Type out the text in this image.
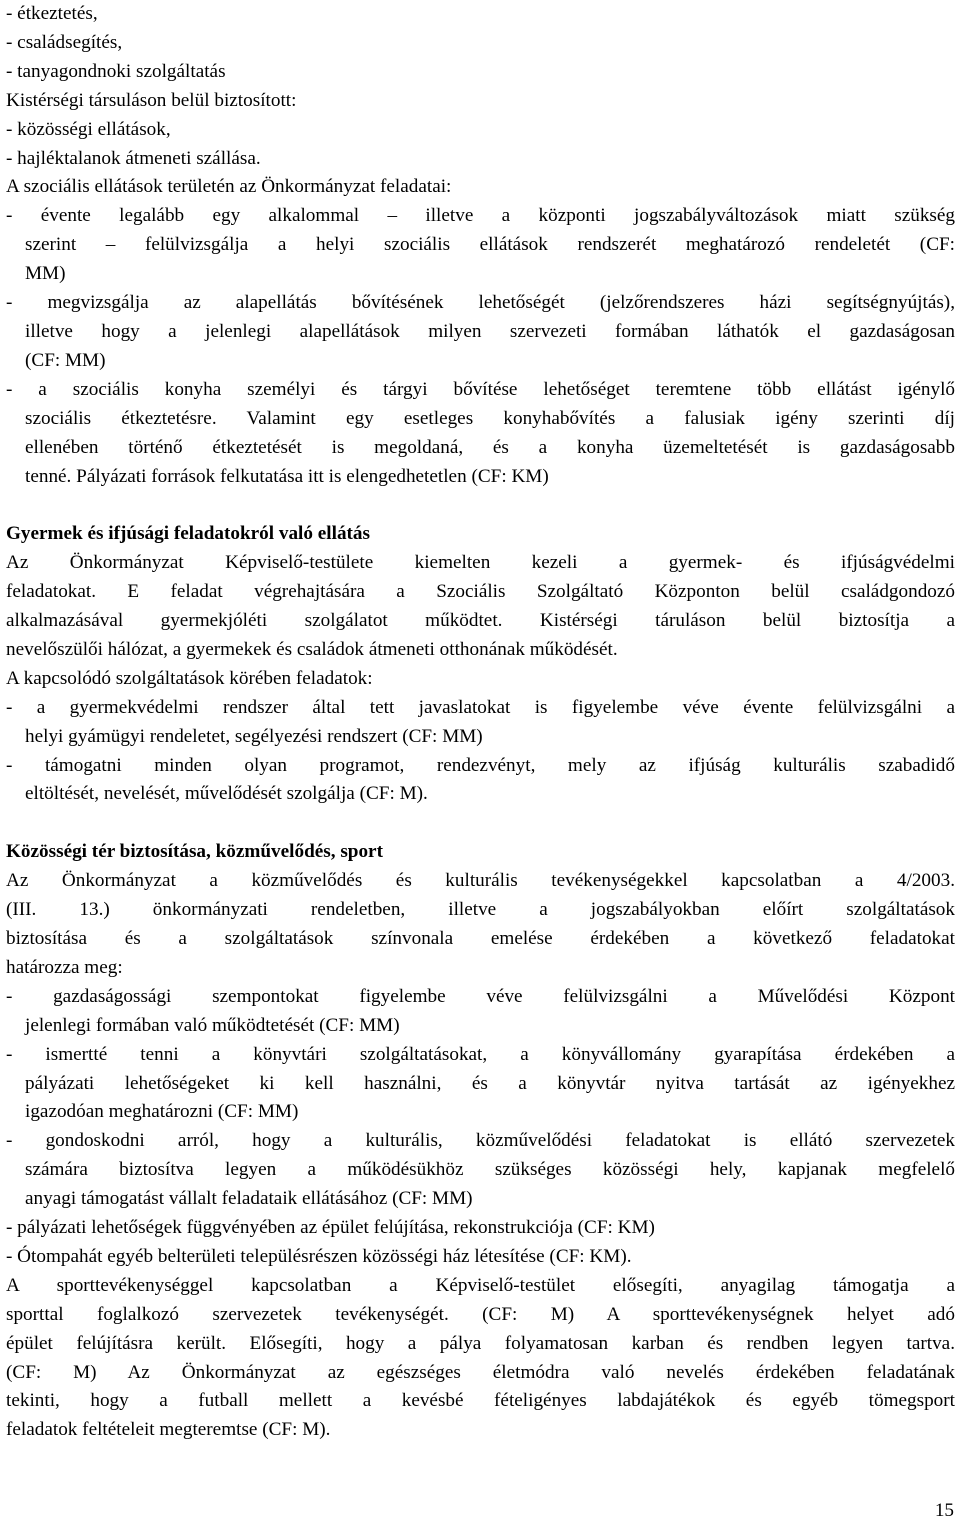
- étkeztetés,
- családsegítés,
- tanyagondnoki szolgáltatás
Kistérségi társuláson belül biztosított:
- közösségi ellátások,
- hajléktalanok átmeneti szállása.
A szociális ellátások területén az Önkormányzat feladatai:
- évente legalább egy alkalommal – illetve a központi jogszabályváltozások miatt szükség
szerint – felülvizsgálja a helyi szociális ellátások rendszerét meghatározó rendeletét (CF:
MM)
- megvizsgálja az alapellátás bővítésének lehetőségét (jelzőrendszeres házi segítségnyújtás),
illetve hogy a jelenlegi alapellátások milyen szervezeti formában láthatók el gazdaságosan
(CF: MM)
- a szociális konyha személyi és tárgyi bővítése lehetőséget teremtene több ellátást igénylő
szociális étkeztetésre. Valamint egy esetleges konyhabővítés a falusiak igény szerinti díj
ellenében történő étkeztetését is megoldaná, és a konyha üzemeltetését is gazdaságosabb
tenné. Pályázati források felkutatása itt is elengedhetetlen (CF: KM)
Gyermek és ifjúsági feladatokról való ellátás
Az Önkormányzat Képviselő-testülete kiemelten kezeli a gyermek- és ifjúságvédelmi
feladatokat. E feladat végrehajtására a Szociális Szolgáltató Központon belül családgondozó
alkalmazásával gyermekjóléti szolgálatot működtet. Kistérségi táruláson belül biztosítja a
nevelőszülői hálózat, a gyermekek és családok átmeneti otthonának működését.
A kapcsolódó szolgáltatások körében feladatok:
- a gyermekvédelmi rendszer által tett javaslatokat is figyelembe véve évente felülvizsgálni a
helyi gyámügyi rendeletet, segélyezési rendszert (CF: MM)
- támogatni minden olyan programot, rendezvényt, mely az ifjúság kulturális szabadidő
eltöltését, nevelését, művelődését szolgálja (CF: M).
Közösségi tér biztosítása, közművelődés, sport
Az Önkormányzat a közművelődés és kulturális tevékenységekkel kapcsolatban a 4/2003.
(III. 13.) önkormányzati rendeletben, illetve a jogszabályokban előírt szolgáltatások
biztosítása és a szolgáltatások színvonala emelése érdekében a következő feladatokat
határozza meg:
- gazdaságossági szempontokat figyelembe véve felülvizsgálni a Művelődési Központ
jelenlegi formában való működtetését (CF: MM)
- ismertté tenni a könyvtári szolgáltatásokat, a könyvállomány gyarapítása érdekében a
pályázati lehetőségeket ki kell használni, és a könyvtár nyitva tartását az igényekhez
igazodóan meghatározni (CF: MM)
- gondoskodni arról, hogy a kulturális, közművelődési feladatokat is ellátó szervezetek
számára biztosítva legyen a működésükhöz szükséges közösségi hely, kapjanak megfelelő
anyagi támogatást vállalt feladataik ellátásához (CF: MM)
- pályázati lehetőségek függvényében az épület felújítása, rekonstrukciója (CF: KM)
- Ótompahát egyéb belterületi településrészen közösségi ház létesítése (CF: KM).
A sporttevékenységgel kapcsolatban a Képviselő-testület elősegíti, anyagilag támogatja a
sporttal foglalkozó szervezetek tevékenységét. (CF: M) A sporttevékenységnek helyet adó
épület felújításra került. Elősegíti, hogy a pálya folyamatosan karban és rendben legyen tartva.
(CF: M) Az Önkormányzat az egészséges életmódra való nevelés érdekében feladatának
tekinti, hogy a futball mellett a kevésbé fételigényes labdajátékok és egyéb tömegsport
feladatok feltételeit megteremtse (CF: M).
15
